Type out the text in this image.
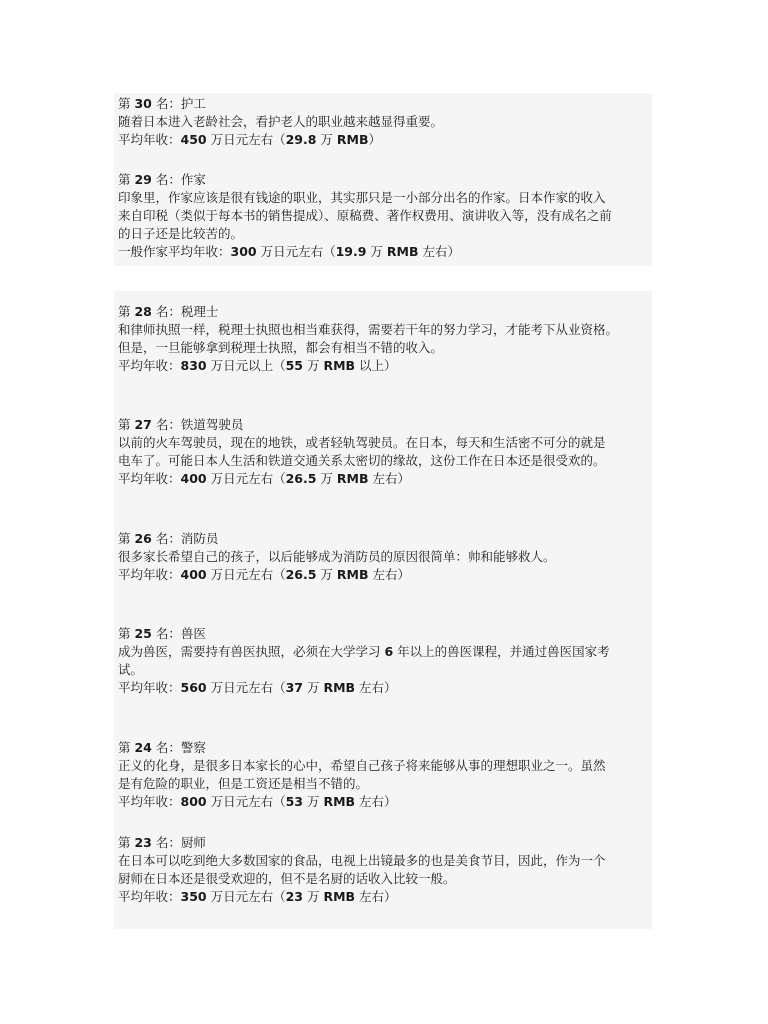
第 30 名：护工
随着日本进入老龄社会，看护老人的职业越来越显得重要。
平均年收：450 万日元左右（29.8 万 RMB）
第 29 名：作家
印象里，作家应该是很有钱途的职业，其实那只是一小部分出名的作家。日本作家的收入
来自印税（类似于每本书的销售提成）、原稿费、著作权费用、演讲收入等，没有成名之前
的日子还是比较苦的。
一般作家平均年收：300 万日元左右（19.9 万 RMB 左右）
第 28 名：税理士
和律师执照一样，税理士执照也相当难获得，需要若干年的努力学习，才能考下从业资格。
但是，一旦能够拿到税理士执照，都会有相当不错的收入。
平均年收：830 万日元以上（55 万 RMB 以上）
第 27 名：铁道驾驶员
以前的火车驾驶员，现在的地铁，或者轻轨驾驶员。在日本，每天和生活密不可分的就是
电车了。可能日本人生活和铁道交通关系太密切的缘故，这份工作在日本还是很受欢的。
平均年收：400 万日元左右（26.5 万 RMB 左右）
第 26 名：消防员
很多家长希望自己的孩子，以后能够成为消防员的原因很简单：帅和能够救人。
平均年收：400 万日元左右（26.5 万 RMB 左右）
第 25 名：兽医
成为兽医，需要持有兽医执照，必须在大学学习 6 年以上的兽医课程，并通过兽医国家考
试。
平均年收：560 万日元左右（37 万 RMB 左右）
第 24 名：警察
正义的化身，是很多日本家长的心中，希望自己孩子将来能够从事的理想职业之一。虽然
是有危险的职业，但是工资还是相当不错的。
平均年收：800 万日元左右（53 万 RMB 左右）
第 23 名：厨师
在日本可以吃到绝大多数国家的食品，电视上出镜最多的也是美食节目，因此，作为一个
厨师在日本还是很受欢迎的，但不是名厨的话收入比较一般。
平均年收：350 万日元左右（23 万 RMB 左右）
